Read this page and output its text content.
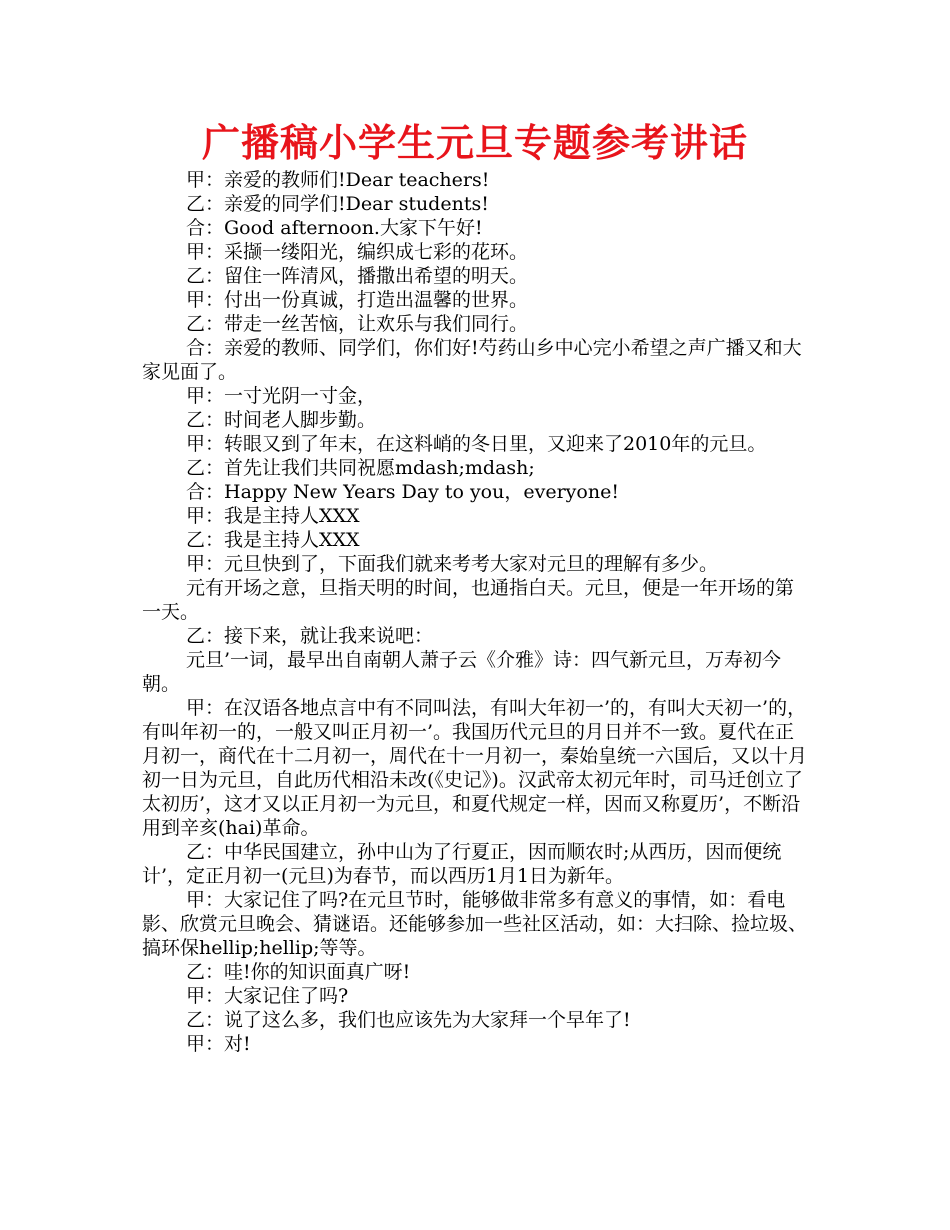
广播稿小学生元旦专题参考讲话

甲：亲爱的教师们!Dear teachers!

乙：亲爱的同学们!Dear students!

合：Good afternoon.大家下午好!

甲：采撷一缕阳光，编织成七彩的花环。

乙：留住一阵清风，播撒出希望的明天。

甲：付出一份真诚，打造出温馨的世界。

乙：带走一丝苦恼，让欢乐与我们同行。

合：亲爱的教师、同学们，你们好!芍药山乡中心完小希望之声广播又和大家见面了。

甲：一寸光阴一寸金，

乙：时间老人脚步勤。

甲：转眼又到了年末，在这料峭的冬日里，又迎来了2010年的元旦。

乙：首先让我们共同祝愿mdash;mdash;

合：Happy New Years Day to you，everyone!

甲：我是主持人XXX

乙：我是主持人XXX

甲：元旦快到了，下面我们就来考考大家对元旦的理解有多少。

元有开场之意，旦指天明的时间，也通指白天。元旦，便是一年开场的第一天。

乙：接下来，就让我来说吧：

元旦’一词，最早出自南朝人萧子云《介雅》诗：四气新元旦，万寿初今朝。

甲：在汉语各地点言中有不同叫法，有叫大年初一’的，有叫大天初一’的，有叫年初一的，一般又叫正月初一’。我国历代元旦的月日并不一致。夏代在正月初一，商代在十二月初一，周代在十一月初一，秦始皇统一六国后，又以十月初一日为元旦，自此历代相沿未改(《史记》)。汉武帝太初元年时，司马迁创立了太初历’，这才又以正月初一为元旦，和夏代规定一样，因而又称夏历’，不断沿用到辛亥(hai)革命。

乙：中华民国建立，孙中山为了行夏正，因而顺农时;从西历，因而便统计’，定正月初一(元旦)为春节，而以西历1月1日为新年。

甲：大家记住了吗?在元旦节时，能够做非常多有意义的事情，如：看电影、欣赏元旦晚会、猜谜语。还能够参加一些社区活动，如：大扫除、捡垃圾、搞环保hellip;hellip;等等。

乙：哇!你的知识面真广呀!

甲：大家记住了吗?

乙：说了这么多，我们也应该先为大家拜一个早年了!

甲：对!
